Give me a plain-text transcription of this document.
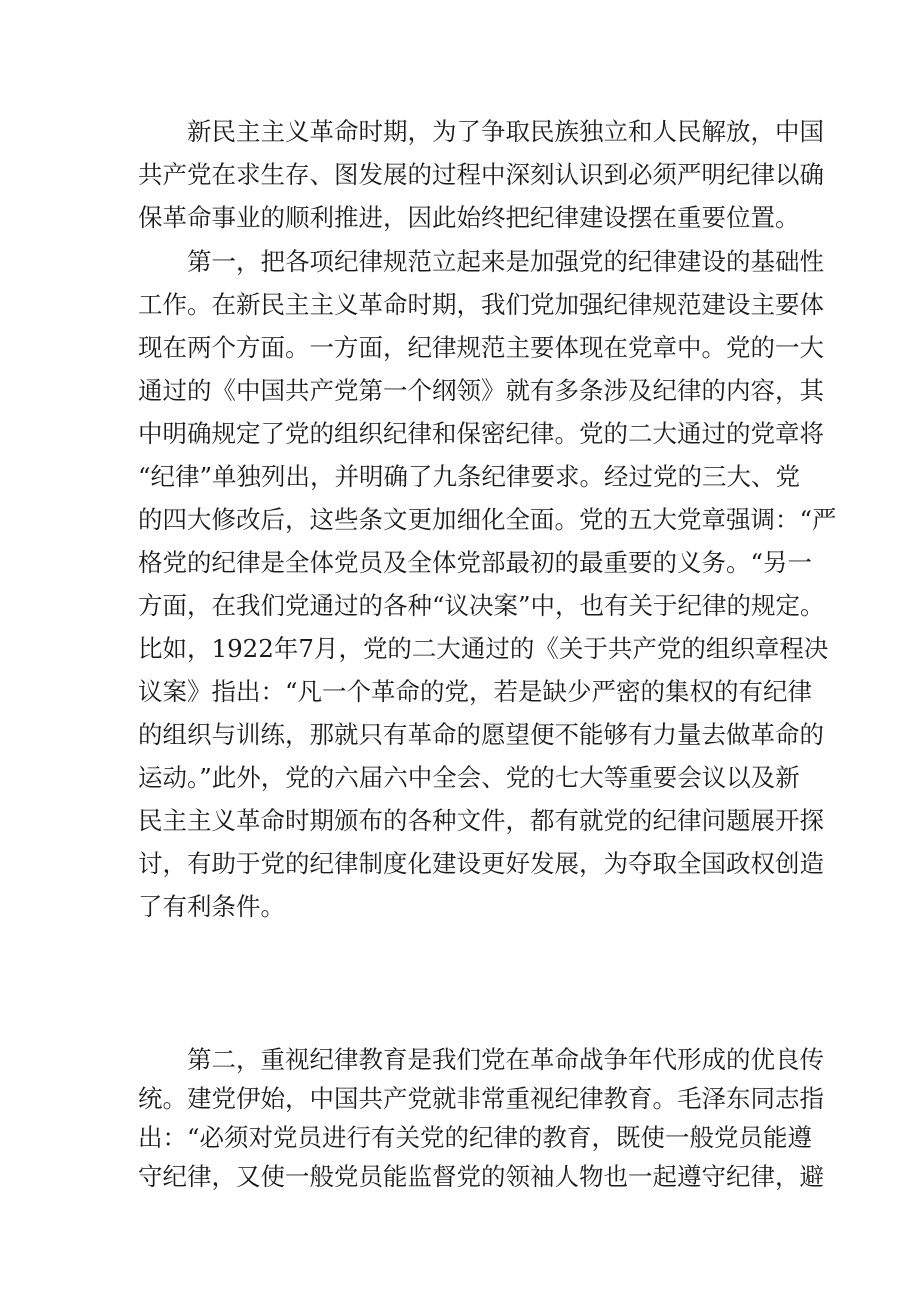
新民主主义革命时期，为了争取民族独立和人民解放，中国
共产党在求生存、图发展的过程中深刻认识到必须严明纪律以确
保革命事业的顺利推进，因此始终把纪律建设摆在重要位置。
第一，把各项纪律规范立起来是加强党的纪律建设的基础性
工作。在新民主主义革命时期，我们党加强纪律规范建设主要体
现在两个方面。一方面，纪律规范主要体现在党章中。党的一大
通过的《中国共产党第一个纲领》就有多条涉及纪律的内容，其
中明确规定了党的组织纪律和保密纪律。党的二大通过的党章将
“纪律”单独列出，并明确了九条纪律要求。经过党的三大、党
的四大修改后，这些条文更加细化全面。党的五大党章强调：“严
格党的纪律是全体党员及全体党部最初的最重要的义务。“另一
方面，在我们党通过的各种“议决案”中，也有关于纪律的规定。
比如，1922年7月，党的二大通过的《关于共产党的组织章程决
议案》指出：“凡一个革命的党，若是缺少严密的集权的有纪律
的组织与训练，那就只有革命的愿望便不能够有力量去做革命的
运动。”此外，党的六届六中全会、党的七大等重要会议以及新
民主主义革命时期颁布的各种文件，都有就党的纪律问题展开探
讨，有助于党的纪律制度化建设更好发展，为夺取全国政权创造
了有利条件。
第二，重视纪律教育是我们党在革命战争年代形成的优良传
统。建党伊始，中国共产党就非常重视纪律教育。毛泽东同志指
出：“必须对党员进行有关党的纪律的教育，既使一般党员能遵
守纪律，又使一般党员能监督党的领袖人物也一起遵守纪律，避
